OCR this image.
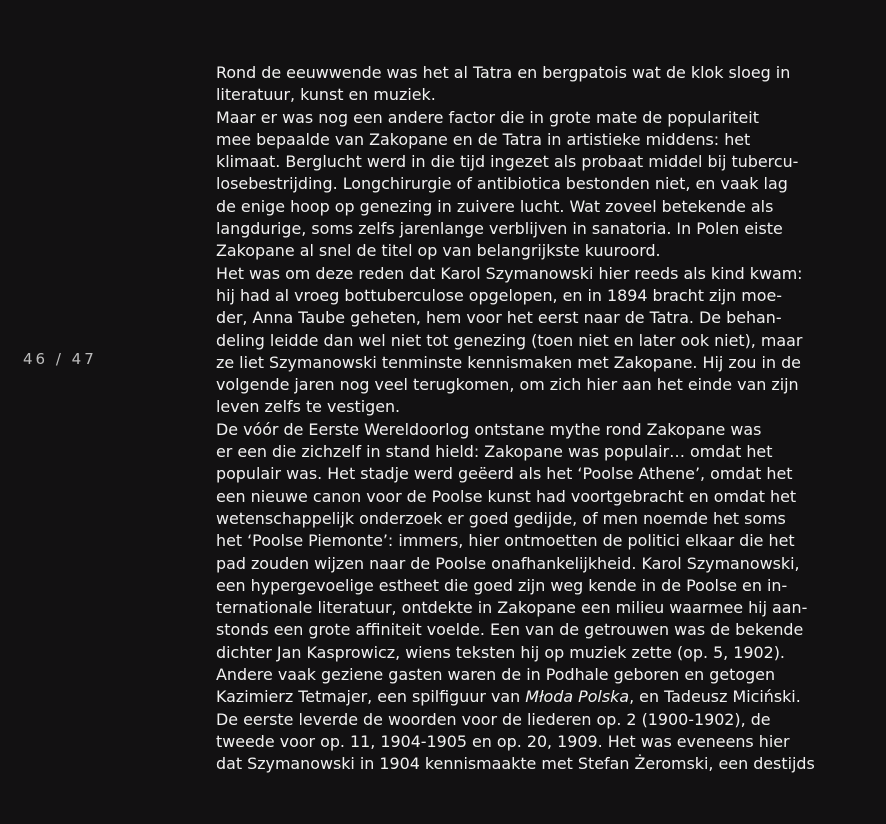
46 / 47
Rond de eeuwwende was het al Tatra en bergpatois wat de klok sloeg in
literatuur, kunst en muziek.
Maar er was nog een andere factor die in grote mate de populariteit
mee bepaalde van Zakopane en de Tatra in artistieke middens: het
klimaat. Berglucht werd in die tijd ingezet als probaat middel bij tubercu-
losebestrijding. Longchirurgie of antibiotica bestonden niet, en vaak lag
de enige hoop op genezing in zuivere lucht. Wat zoveel betekende als
langdurige, soms zelfs jarenlange verblijven in sanatoria. In Polen eiste
Zakopane al snel de titel op van belangrijkste kuuroord.
Het was om deze reden dat Karol Szymanowski hier reeds als kind kwam:
hij had al vroeg bottuberculose opgelopen, en in 1894 bracht zijn moe-
der, Anna Taube geheten, hem voor het eerst naar de Tatra. De behan-
deling leidde dan wel niet tot genezing (toen niet en later ook niet), maar
ze liet Szymanowski tenminste kennismaken met Zakopane. Hij zou in de
volgende jaren nog veel terugkomen, om zich hier aan het einde van zijn
leven zelfs te vestigen.
De vóór de Eerste Wereldoorlog ontstane mythe rond Zakopane was
er een die zichzelf in stand hield: Zakopane was populair… omdat het
populair was. Het stadje werd geëerd als het ‘Poolse Athene’, omdat het
een nieuwe canon voor de Poolse kunst had voortgebracht en omdat het
wetenschappelijk onderzoek er goed gedijde, of men noemde het soms
het ‘Poolse Piemonte’: immers, hier ontmoetten de politici elkaar die het
pad zouden wijzen naar de Poolse onafhankelijkheid. Karol Szymanowski,
een hypergevoelige estheet die goed zijn weg kende in de Poolse en in-
ternationale literatuur, ontdekte in Zakopane een milieu waarmee hij aan-
stonds een grote affiniteit voelde. Een van de getrouwen was de bekende
dichter Jan Kasprowicz, wiens teksten hij op muziek zette (op. 5, 1902).
Andere vaak geziene gasten waren de in Podhale geboren en getogen
Kazimierz Tetmajer, een spilfiguur van Młoda Polska, en Tadeusz Miciński.
De eerste leverde de woorden voor de liederen op. 2 (1900-1902), de
tweede voor op. 11, 1904-1905 en op. 20, 1909. Het was eveneens hier
dat Szymanowski in 1904 kennismaakte met Stefan Żeromski, een destijds
